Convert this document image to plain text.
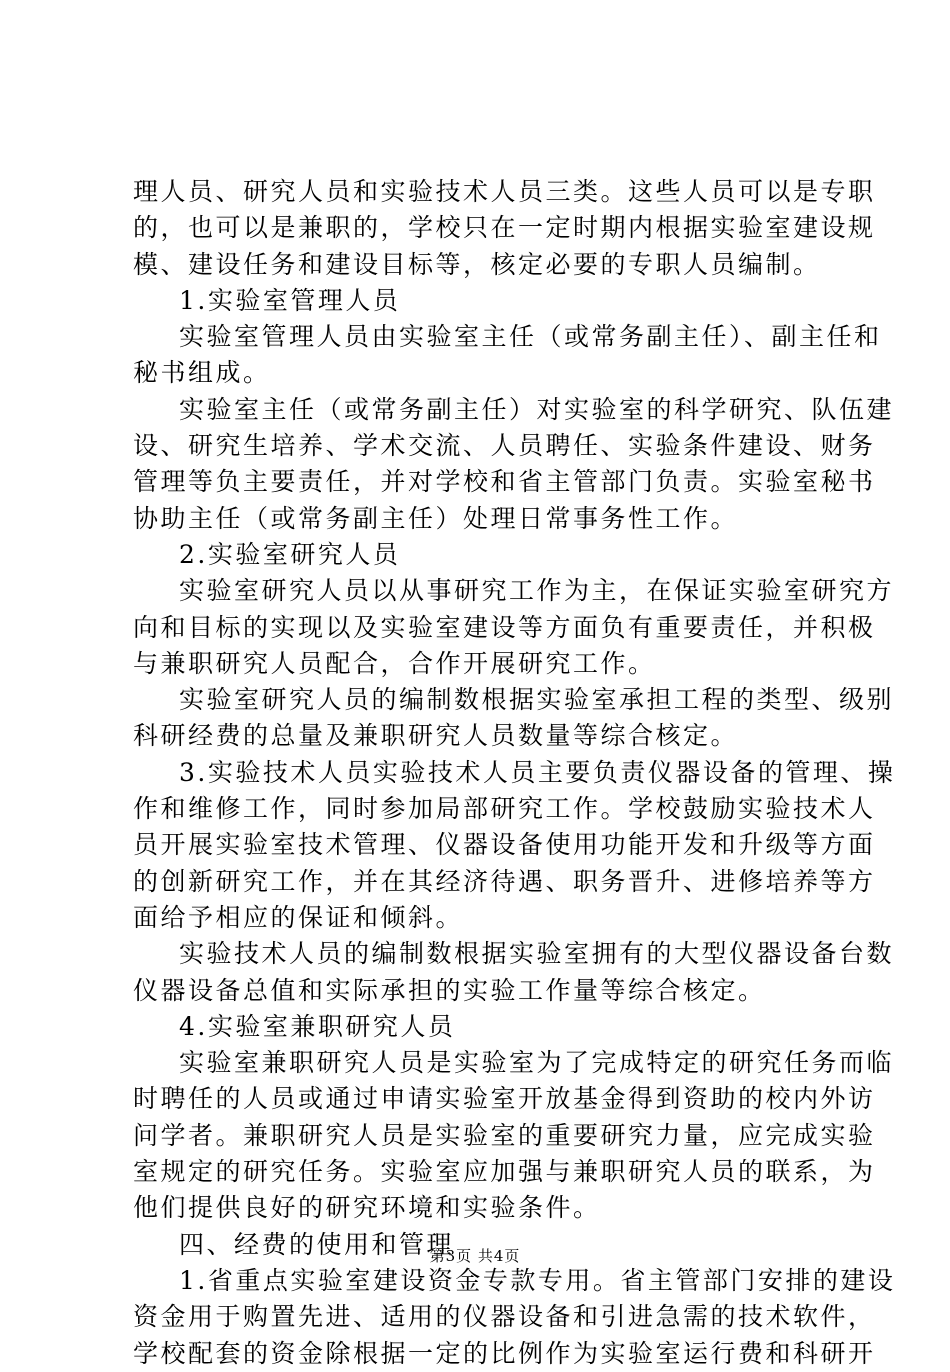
理人员、研究人员和实验技术人员三类。这些人员可以是专职
的，也可以是兼职的，学校只在一定时期内根据实验室建设规
模、建设任务和建设目标等，核定必要的专职人员编制。
1.实验室管理人员
实验室管理人员由实验室主任（或常务副主任）、副主任和
秘书组成。
实验室主任（或常务副主任）对实验室的科学研究、队伍建
设、研究生培养、学术交流、人员聘任、实验条件建设、财务
管理等负主要责任，并对学校和省主管部门负责。实验室秘书
协助主任（或常务副主任）处理日常事务性工作。
2.实验室研究人员
实验室研究人员以从事研究工作为主，在保证实验室研究方
向和目标的实现以及实验室建设等方面负有重要责任，并积极
与兼职研究人员配合，合作开展研究工作。
实验室研究人员的编制数根据实验室承担工程的类型、级别
科研经费的总量及兼职研究人员数量等综合核定。
3.实验技术人员实验技术人员主要负责仪器设备的管理、操
作和维修工作，同时参加局部研究工作。学校鼓励实验技术人
员开展实验室技术管理、仪器设备使用功能开发和升级等方面
的创新研究工作，并在其经济待遇、职务晋升、进修培养等方
面给予相应的保证和倾斜。
实验技术人员的编制数根据实验室拥有的大型仪器设备台数
仪器设备总值和实际承担的实验工作量等综合核定。
4.实验室兼职研究人员
实验室兼职研究人员是实验室为了完成特定的研究任务而临
时聘任的人员或通过申请实验室开放基金得到资助的校内外访
问学者。兼职研究人员是实验室的重要研究力量，应完成实验
室规定的研究任务。实验室应加强与兼职研究人员的联系，为
他们提供良好的研究环境和实验条件。
四、经费的使用和管理
1.省重点实验室建设资金专款专用。省主管部门安排的建设
资金用于购置先进、适用的仪器设备和引进急需的技术软件，
学校配套的资金除根据一定的比例作为实验室运行费和科研开
第3页 共4页
